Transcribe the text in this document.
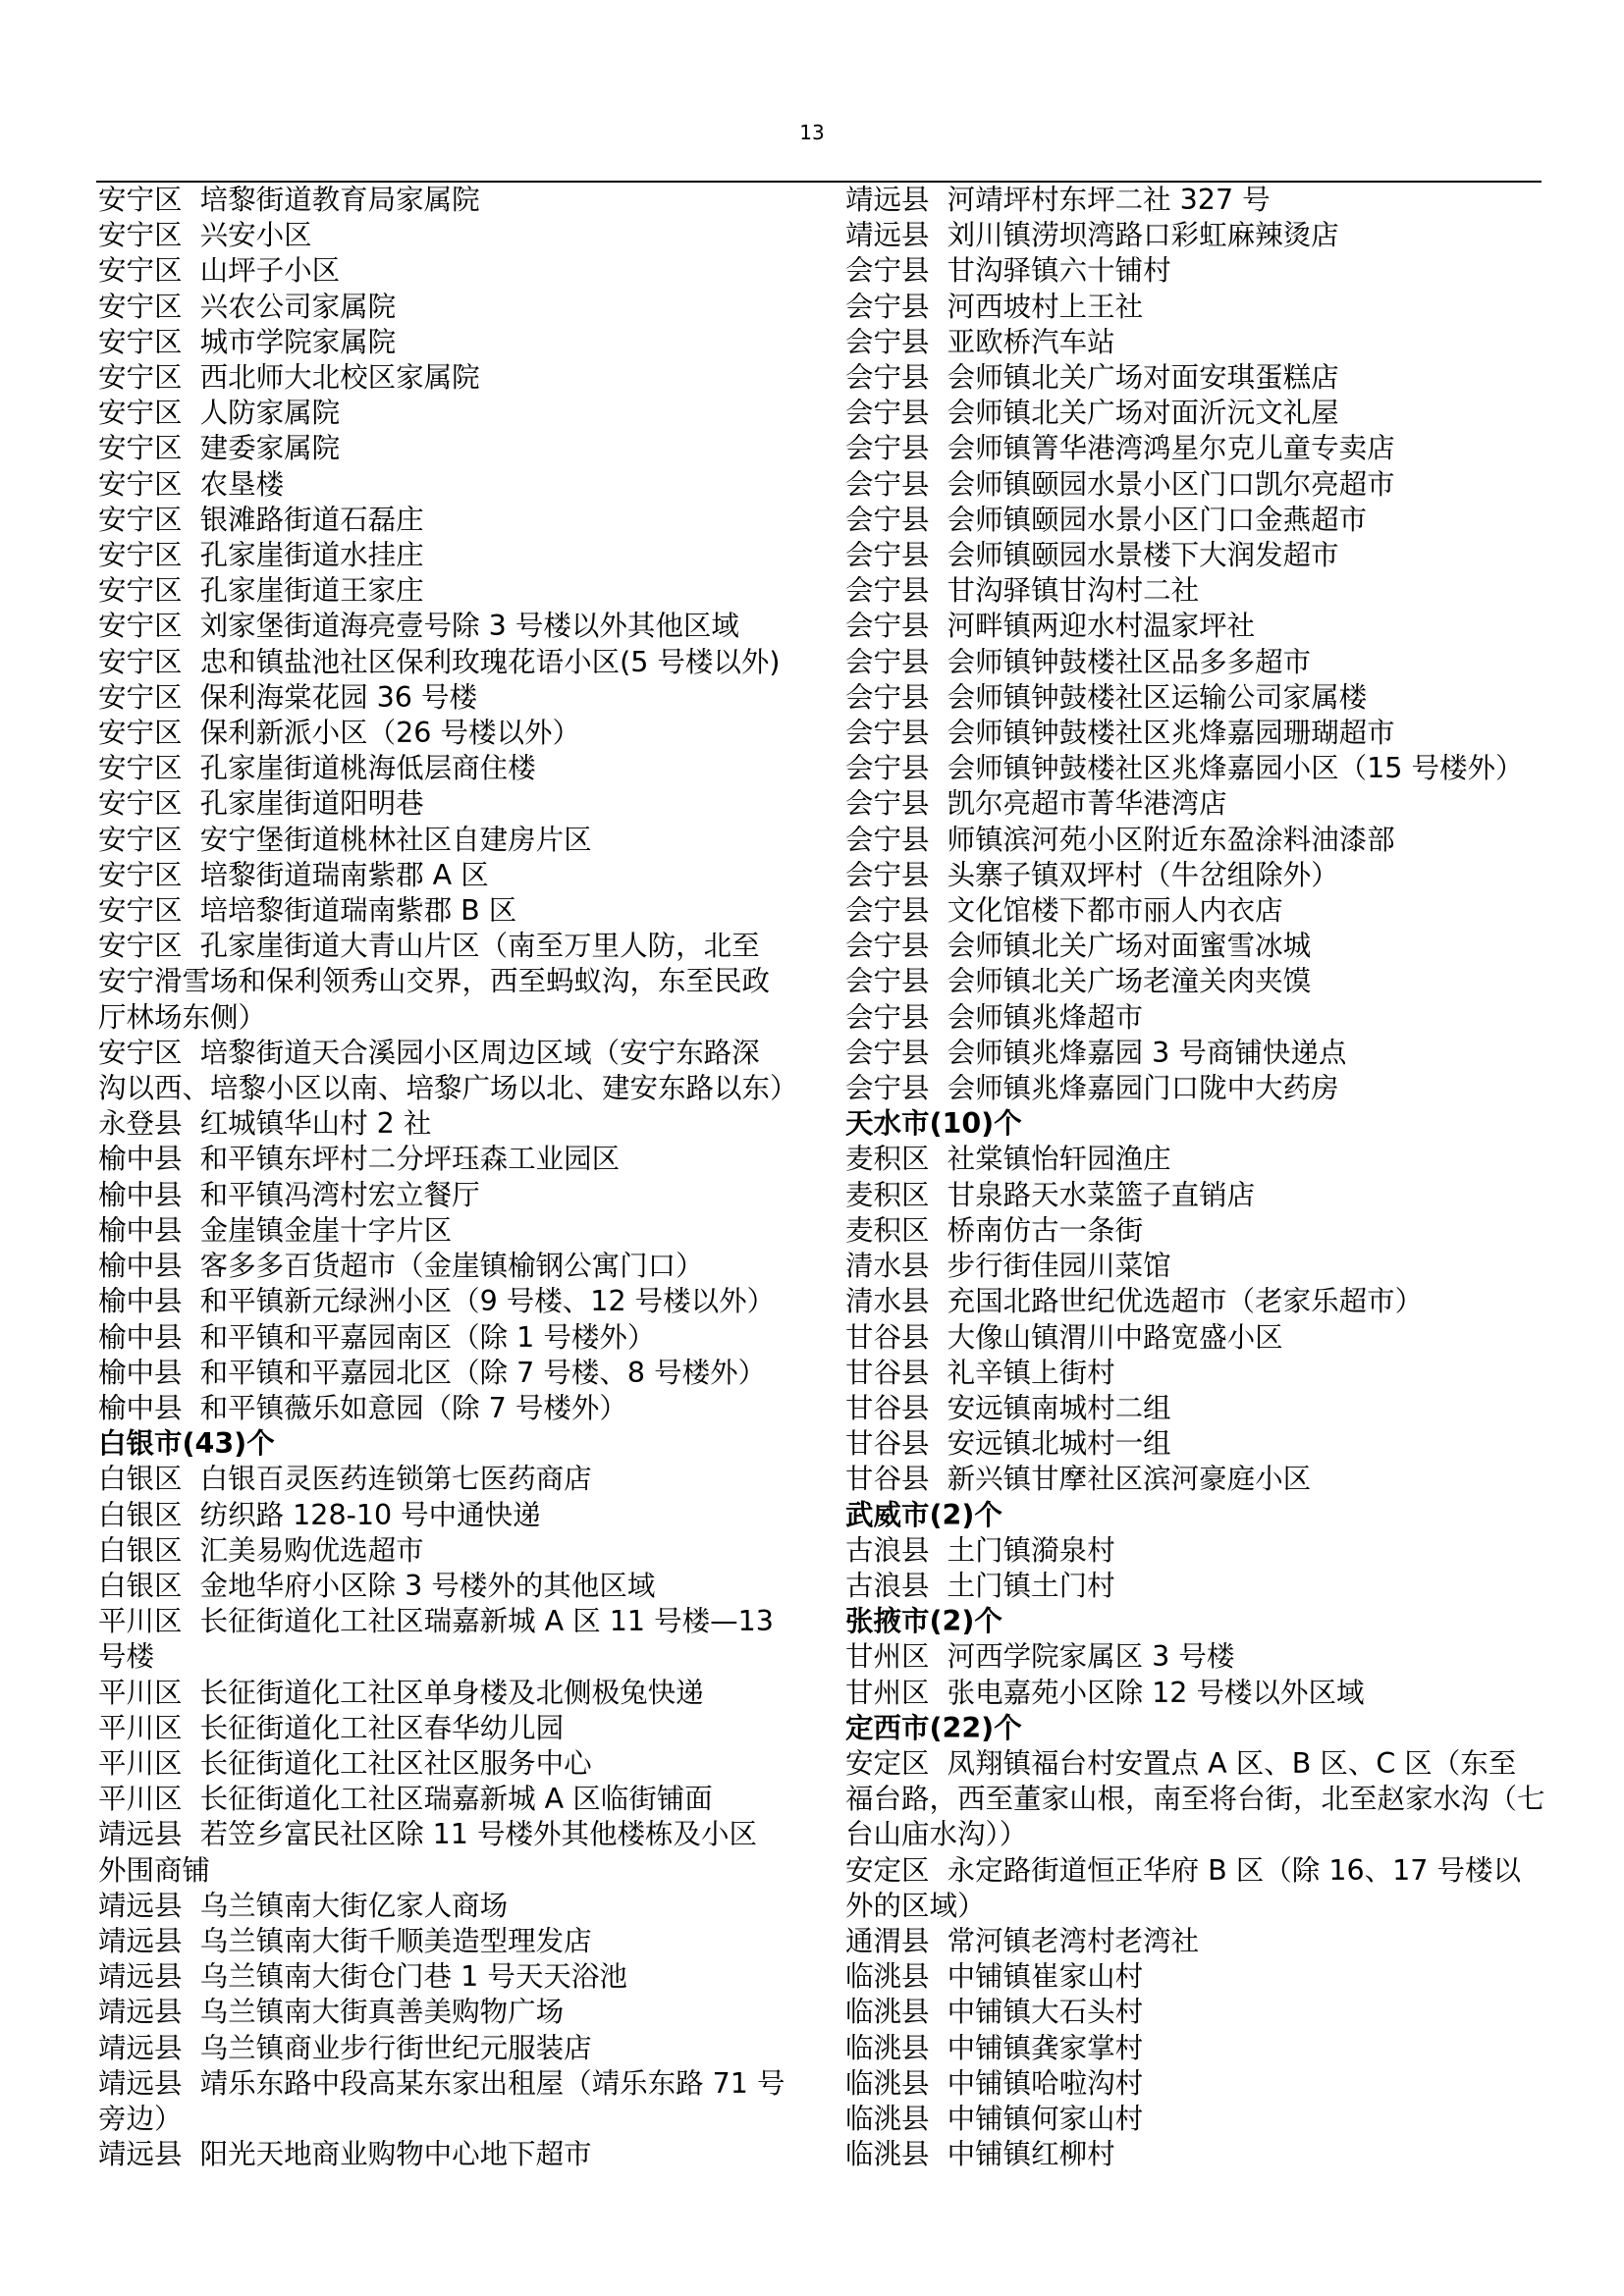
13

安宁区  培黎街道教育局家属院

安宁区  兴安小区

安宁区  山坪子小区

安宁区  兴农公司家属院

安宁区  城市学院家属院

安宁区  西北师大北校区家属院

安宁区  人防家属院

安宁区  建委家属院

安宁区  农垦楼

安宁区  银滩路街道石磊庄

安宁区  孔家崖街道水挂庄

安宁区  孔家崖街道王家庄

安宁区  刘家堡街道海亮壹号除 3 号楼以外其他区域

安宁区  忠和镇盐池社区保利玫瑰花语小区(5 号楼以外)

安宁区  保利海棠花园 36 号楼

安宁区  保利新派小区（26 号楼以外）

安宁区  孔家崖街道桃海低层商住楼

安宁区  孔家崖街道阳明巷

安宁区  安宁堡街道桃林社区自建房片区

安宁区  培黎街道瑞南紫郡 A 区

安宁区  培培黎街道瑞南紫郡 B 区

安宁区  孔家崖街道大青山片区（南至万里人防，北至

安宁滑雪场和保利领秀山交界，西至蚂蚁沟，东至民政

厅林场东侧）

安宁区  培黎街道天合溪园小区周边区域（安宁东路深

沟以西、培黎小区以南、培黎广场以北、建安东路以东）

永登县  红城镇华山村 2 社

榆中县  和平镇东坪村二分坪珏森工业园区

榆中县  和平镇冯湾村宏立餐厅

榆中县  金崖镇金崖十字片区

榆中县  客多多百货超市（金崖镇榆钢公寓门口）

榆中县  和平镇新元绿洲小区（9 号楼、12 号楼以外）

榆中县  和平镇和平嘉园南区（除 1 号楼外）

榆中县  和平镇和平嘉园北区（除 7 号楼、8 号楼外）

榆中县  和平镇薇乐如意园（除 7 号楼外）

白银市(43)个

白银区  白银百灵医药连锁第七医药商店

白银区  纺织路 128-10 号中通快递

白银区  汇美易购优选超市

白银区  金地华府小区除 3 号楼外的其他区域

平川区  长征街道化工社区瑞嘉新城 A 区 11 号楼—13

号楼

平川区  长征街道化工社区单身楼及北侧极兔快递

平川区  长征街道化工社区春华幼儿园

平川区  长征街道化工社区社区服务中心

平川区  长征街道化工社区瑞嘉新城 A 区临街铺面

靖远县  若笠乡富民社区除 11 号楼外其他楼栋及小区

外围商铺

靖远县  乌兰镇南大街亿家人商场

靖远县  乌兰镇南大街千顺美造型理发店

靖远县  乌兰镇南大街仓门巷 1 号天天浴池

靖远县  乌兰镇南大街真善美购物广场

靖远县  乌兰镇商业步行街世纪元服装店

靖远县  靖乐东路中段高某东家出租屋（靖乐东路 71 号

旁边）

靖远县  阳光天地商业购物中心地下超市

靖远县  河靖坪村东坪二社 327 号

靖远县  刘川镇涝坝湾路口彩虹麻辣烫店

会宁县  甘沟驿镇六十铺村

会宁县  河西坡村上王社

会宁县  亚欧桥汽车站

会宁县  会师镇北关广场对面安琪蛋糕店

会宁县  会师镇北关广场对面沂沅文礼屋

会宁县  会师镇箐华港湾鸿星尔克儿童专卖店

会宁县  会师镇颐园水景小区门口凯尔亮超市

会宁县  会师镇颐园水景小区门口金燕超市

会宁县  会师镇颐园水景楼下大润发超市

会宁县  甘沟驿镇甘沟村二社

会宁县  河畔镇两迎水村温家坪社

会宁县  会师镇钟鼓楼社区品多多超市

会宁县  会师镇钟鼓楼社区运输公司家属楼

会宁县  会师镇钟鼓楼社区兆烽嘉园珊瑚超市

会宁县  会师镇钟鼓楼社区兆烽嘉园小区（15 号楼外）

会宁县  凯尔亮超市菁华港湾店

会宁县  师镇滨河苑小区附近东盈涂料油漆部

会宁县  头寨子镇双坪村（牛岔组除外）

会宁县  文化馆楼下都市丽人内衣店

会宁县  会师镇北关广场对面蜜雪冰城

会宁县  会师镇北关广场老潼关肉夹馍

会宁县  会师镇兆烽超市

会宁县  会师镇兆烽嘉园 3 号商铺快递点

会宁县  会师镇兆烽嘉园门口陇中大药房

天水市(10)个

麦积区  社棠镇怡轩园渔庄

麦积区  甘泉路天水菜篮子直销店

麦积区  桥南仿古一条街

清水县  步行街佳园川菜馆

清水县  充国北路世纪优选超市（老家乐超市）

甘谷县  大像山镇渭川中路宽盛小区

甘谷县  礼辛镇上街村

甘谷县  安远镇南城村二组

甘谷县  安远镇北城村一组

甘谷县  新兴镇甘摩社区滨河豪庭小区

武威市(2)个

古浪县  土门镇漪泉村

古浪县  土门镇土门村

张掖市(2)个

甘州区  河西学院家属区 3 号楼

甘州区  张电嘉苑小区除 12 号楼以外区域

定西市(22)个

安定区  凤翔镇福台村安置点 A 区、B 区、C 区（东至

福台路，西至董家山根，南至将台街，北至赵家水沟（七

台山庙水沟））

安定区  永定路街道恒正华府 B 区（除 16、17 号楼以

外的区域）

通渭县  常河镇老湾村老湾社

临洮县  中铺镇崔家山村

临洮县  中铺镇大石头村

临洮县  中铺镇龚家掌村

临洮县  中铺镇哈啦沟村

临洮县  中铺镇何家山村

临洮县  中铺镇红柳村
